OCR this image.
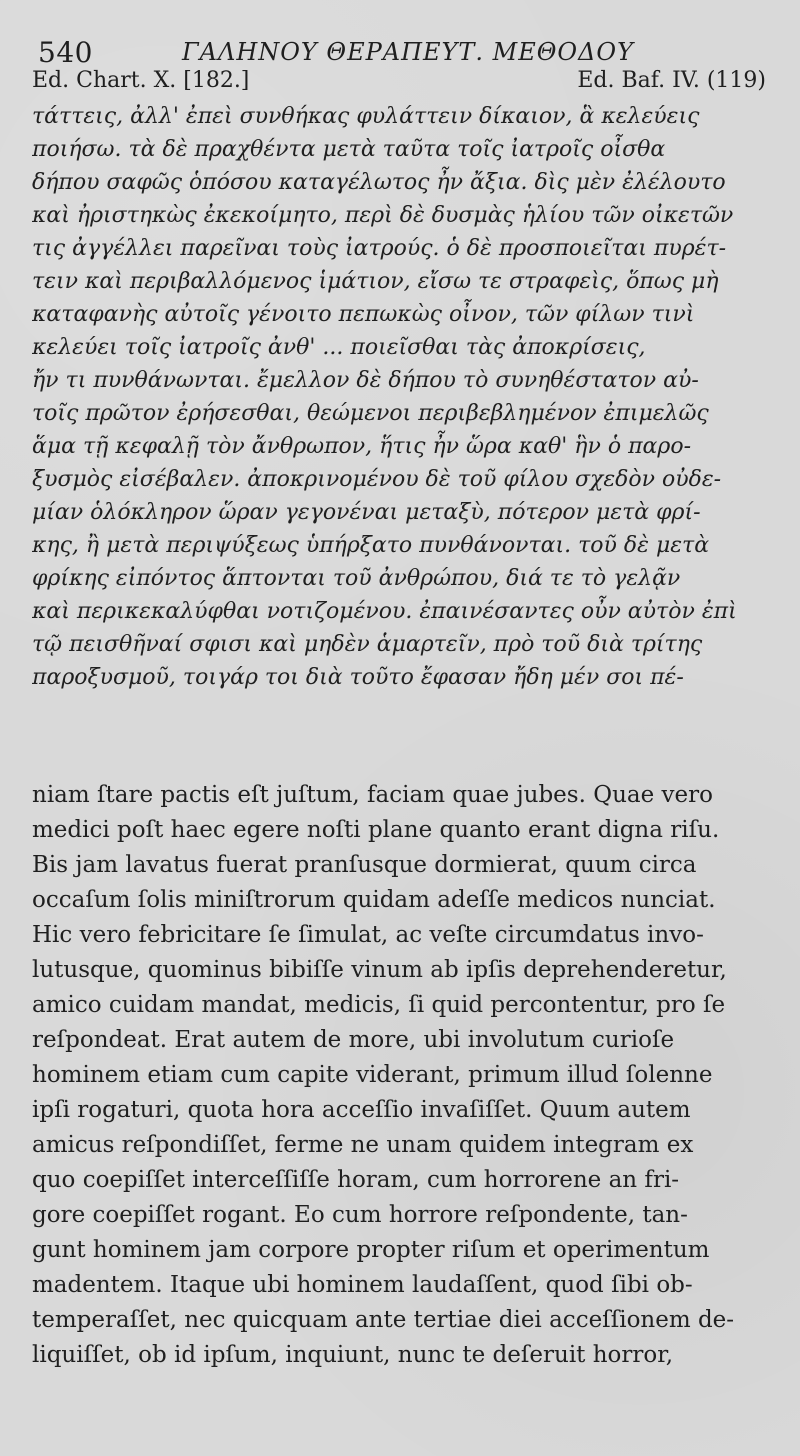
540	ΓΑΛΗΝΟΥ ΘΕΡΑΠΕΥΤ. ΜΕΘΟΔΟΥ
Ed. Chart. X. [182.]	Ed. Baf. IV. (119)
τάττεις, ἀλλ' ἐπεὶ συνθήκας φυλάττειν δίκαιον, ἃ κελεύεις
ποιήσω. τὰ δὲ πραχθέντα μετὰ ταῦτα τοῖς ἰατροῖς οἶσθα
δήπου σαφῶς ὁπόσου καταγέλωτος ἦν ἄξια. δὶς μὲν ἐλέλουτο
καὶ ἠριστηκὼς ἐκεκοίμητο, περὶ δὲ δυσμὰς ἡλίου τῶν οἰκετῶν
τις ἀγγέλλει παρεῖναι τοὺς ἰατρούς. ὁ δὲ προσποιεῖται πυρέτ-
τειν καὶ περιβαλλόμενος ἱμάτιον, εἴσω τε στραφεὶς, ὅπως μὴ
καταφανὴς αὐτοῖς γένοιτο πεπωκὼς οἶνον, τῶν φίλων τινὶ
κελεύει τοῖς ἰατροῖς ἀνθ' ... ποιεῖσθαι τὰς ἀποκρίσεις,
ἤν τι πυνθάνωνται. ἔμελλον δὲ δήπου τὸ συνηθέστατον αὐ-
τοῖς πρῶτον ἐρήσεσθαι, θεώμενοι περιβεβλημένον ἐπιμελῶς
ἅμα τῇ κεφαλῇ τὸν ἄνθρωπον, ἥτις ἦν ὥρα καθ' ἣν ὁ παρο-
ξυσμὸς εἰσέβαλεν. ἀποκρινομένου δὲ τοῦ φίλου σχεδὸν οὐδε-
μίαν ὁλόκληρον ὥραν γεγονέναι μεταξὺ, πότερον μετὰ φρί-
κης, ἢ μετὰ περιψύξεως ὑπήρξατο πυνθάνονται. τοῦ δὲ μετὰ
φρίκης εἰπόντος ἅπτονται τοῦ ἀνθρώπου, διά τε τὸ γελᾷν
καὶ περικεκαλύφθαι νοτιζομένου. ἐπαινέσαντες οὖν αὐτὸν ἐπὶ
τῷ πεισθῆναί σφισι καὶ μηδὲν ἁμαρτεῖν, πρὸ τοῦ διὰ τρίτης
παροξυσμοῦ, τοιγάρ τοι διὰ τοῦτο ἔφασαν ἤδη μέν σοι πέ-
niam ſtare pactis eſt juſtum, faciam quae jubes. Quae vero
medici poſt haec egere noſti plane quanto erant digna riſu.
Bis jam lavatus fuerat pranſusque dormierat, quum circa
occaſum ſolis miniſtrorum quidam adeſſe medicos nunciat.
Hic vero febricitare ſe ſimulat, ac veſte circumdatus invo-
lutusque, quominus bibiſſe vinum ab ipſis deprehenderetur,
amico cuidam mandat, medicis, ſi quid percontentur, pro ſe
reſpondeat. Erat autem de more, ubi involutum curioſe
hominem etiam cum capite viderant, primum illud ſolenne
ipſi rogaturi, quota hora acceſſio invaſiſſet. Quum autem
amicus reſpondiſſet, ferme ne unam quidem integram ex
quo coepiſſet interceſſiſſe horam, cum horrorene an fri-
gore coepiſſet rogant. Eo cum horrore reſpondente, tan-
gunt hominem jam corpore propter riſum et operimentum
madentem. Itaque ubi hominem laudaſſent, quod ſibi ob-
temperaſſet, nec quicquam ante tertiae diei acceſſionem de-
liquiſſet, ob id ipſum, inquiunt, nunc te deſeruit horror,
